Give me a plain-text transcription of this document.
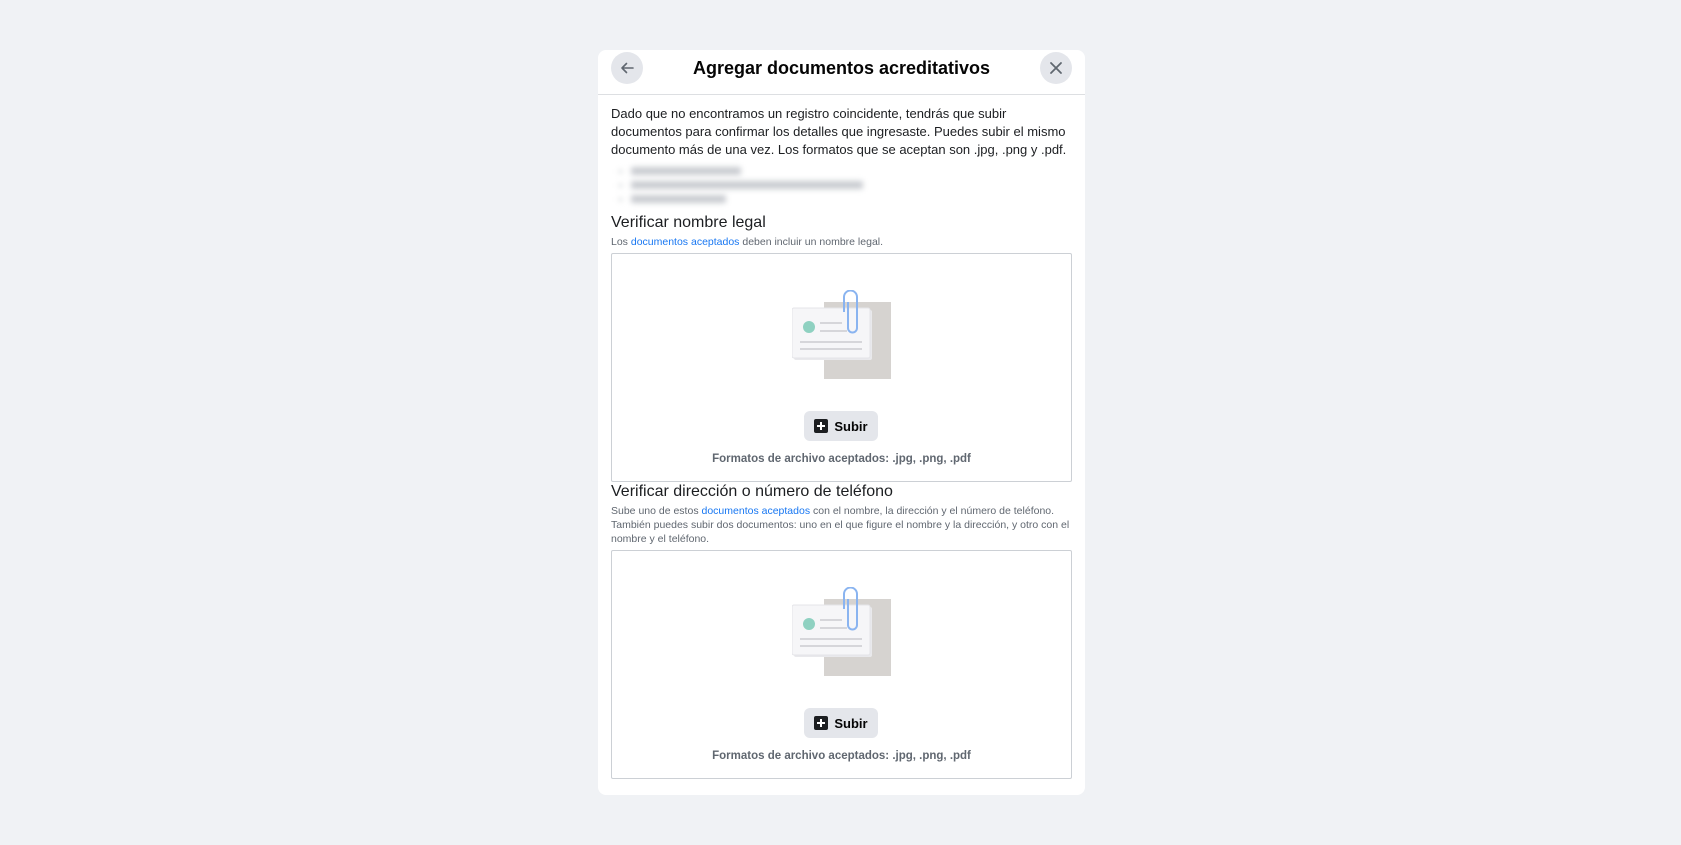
Agregar documentos acreditativos

Dado que no encontramos un registro coincidente, tendrás que subir documentos para confirmar los detalles que ingresaste. Puedes subir el mismo documento más de una vez. Los formatos que se aceptan son .jpg, .png y .pdf.

•
•
•

Verificar nombre legal

Los documentos aceptados deben incluir un nombre legal.

Subir
Formatos de archivo aceptados: .jpg, .png, .pdf

Verificar dirección o número de teléfono

Sube uno de estos documentos aceptados con el nombre, la dirección y el número de teléfono. También puedes subir dos documentos: uno en el que figure el nombre y la dirección, y otro con el nombre y el teléfono.

Subir
Formatos de archivo aceptados: .jpg, .png, .pdf
